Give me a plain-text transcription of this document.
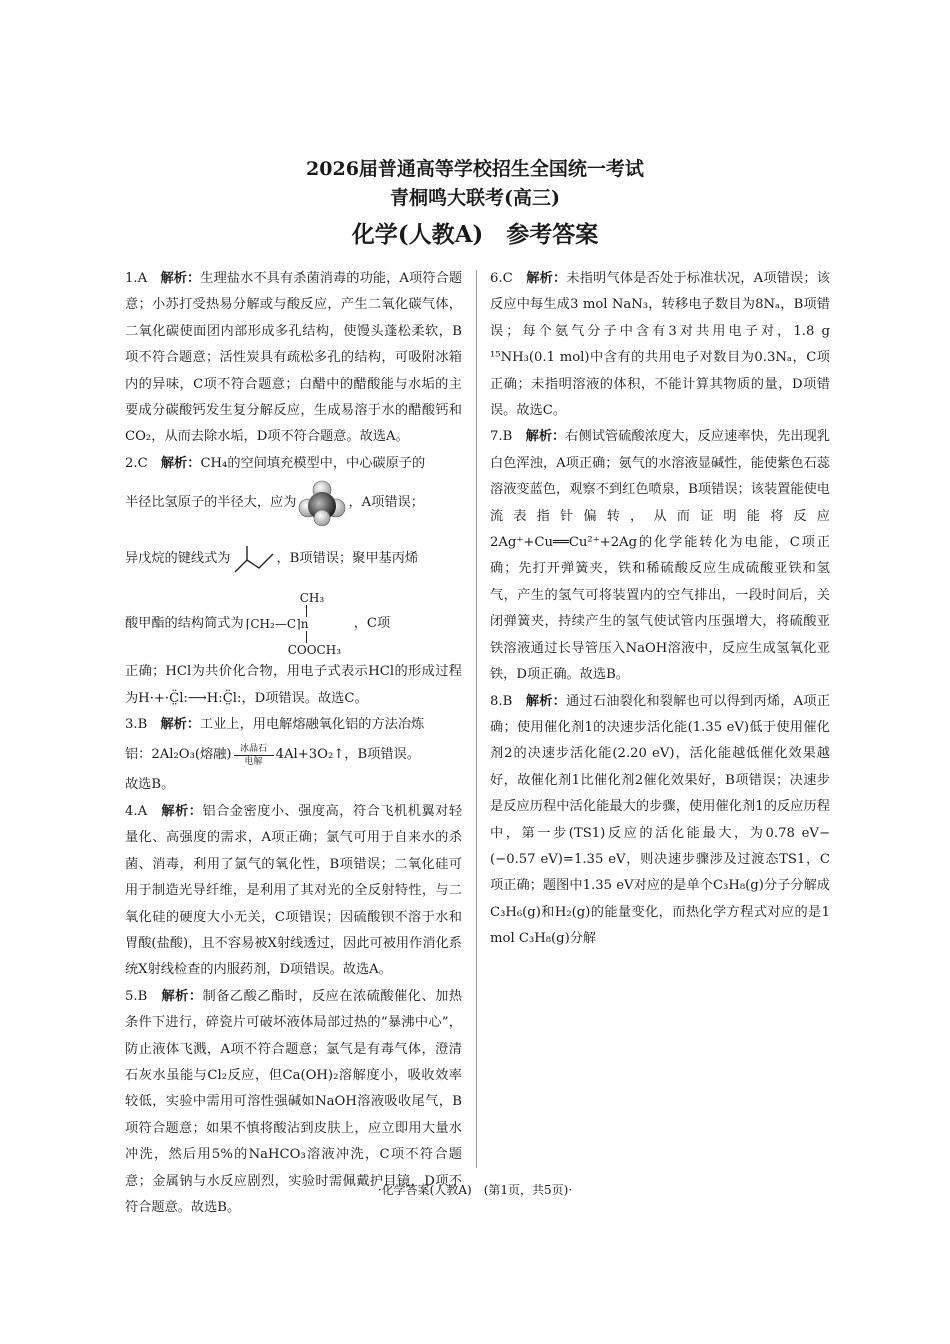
2026届普通高等学校招生全国统一考试
青桐鸣大联考(高三)
化学(人教A)　参考答案

1.A　 解析：生理盐水不具有杀菌消毒的功能，A项符合题意；小苏打受热易分解或与酸反应，产生二氧化碳气体，二氧化碳使面团内部形成多孔结构，使馒头蓬松柔软，B项不符合题意；活性炭具有疏松多孔的结构，可吸附冰箱内的异味，C项不符合题意；白醋中的醋酸能与水垢的主要成分碳酸钙发生复分解反应，生成易溶于水的醋酸钙和CO₂，从而去除水垢，D项不符合题意。故选A。

2.C　 解析：CH₄的空间填充模型中，中心碳原子的
半径比氢原子的半径大，应为	，A项错误；
异戊烷的键线式为	，B项错误；聚甲基丙烯
酸甲酯的结构简式为
CH₃
⌈CH₂—C⌉n
COOCH₃
，C项
正确；HCl为共价化合物，用电子式表示HCl的形成过程为H·+·C̤̈l:⟶H:C̤̈l:，D项错误。故选C。
3.B　 解析：工业上，用电解熔融氧化铝的方法冶炼
铝：2Al₂O₃(熔融) 冰晶石
电解 4Al+3O₂↑，B项错误。
故选B。

4.A　 解析：铝合金密度小、强度高，符合飞机机翼对轻量化、高强度的需求，A项正确；氯气可用于自来水的杀菌、消毒，利用了氯气的氧化性，B项错误；二氧化硅可用于制造光导纤维，是利用了其对光的全反射特性，与二氧化硅的硬度大小无关，C项错误；因硫酸钡不溶于水和胃酸(盐酸)，且不容易被X射线透过，因此可被用作消化系统X射线检查的内服药剂，D项错误。故选A。

5.B　 解析：制备乙酸乙酯时，反应在浓硫酸催化、加热条件下进行，碎瓷片可破坏液体局部过热的“暴沸中心”，防止液体飞溅，A项不符合题意；氯气是有毒气体，澄清石灰水虽能与Cl₂反应，但Ca(OH)₂溶解度小，吸收效率较低，实验中需用可溶性强碱如NaOH溶液吸收尾气，B项符合题意；如果不慎将酸沾到皮肤上，应立即用大量水冲洗，然后用5%的NaHCO₃溶液冲洗，C项不符合题意；金属钠与水反应剧烈，实验时需佩戴护目镜，D项不符合题意。故选B。

6.C　 解析：未指明气体是否处于标准状况，A项错误；该反应中每生成3 mol NaN₃，转移电子数目为8Nₐ，B项错误；每个氨气分子中含有3对共用电子对，1.8 g ¹⁵NH₃(0.1 mol)中含有的共用电子对数目为0.3Nₐ，C项正确；未指明溶液的体积，不能计算其物质的量，D项错误。故选C。

7.B　 解析：右侧试管硫酸浓度大，反应速率快，先出现乳白色浑浊，A项正确；氨气的水溶液显碱性，能使紫色石蕊溶液变蓝色，观察不到红色喷泉，B项错误；该装置能使电流表指针偏转，从而证明能将反应2Ag⁺+Cu══Cu²⁺+2Ag的化学能转化为电能，C项正确；先打开弹簧夹，铁和稀硫酸反应生成硫酸亚铁和氢气，产生的氢气可将装置内的空气排出，一段时间后，关闭弹簧夹，持续产生的氢气使试管内压强增大，将硫酸亚铁溶液通过长导管压入NaOH溶液中，反应生成氢氧化亚铁，D项正确。故选B。

8.B　 解析：通过石油裂化和裂解也可以得到丙烯，A项正确；使用催化剂1的决速步活化能(1.35 eV)低于使用催化剂2的决速步活化能(2.20 eV)，活化能越低催化效果越好，故催化剂1比催化剂2催化效果好，B项错误；决速步是反应历程中活化能最大的步骤，使用催化剂1的反应历程中，第一步(TS1)反应的活化能最大，为0.78 eV−(−0.57 eV)=1.35 eV，则决速步骤涉及过渡态TS1，C项正确；题图中1.35 eV对应的是单个C₃H₈(g)分子分解成C₃H₆(g)和H₂(g)的能量变化，而热化学方程式对应的是1 mol C₃H₈(g)分解

·化学答案(人教A)　(第1页，共5页)·
